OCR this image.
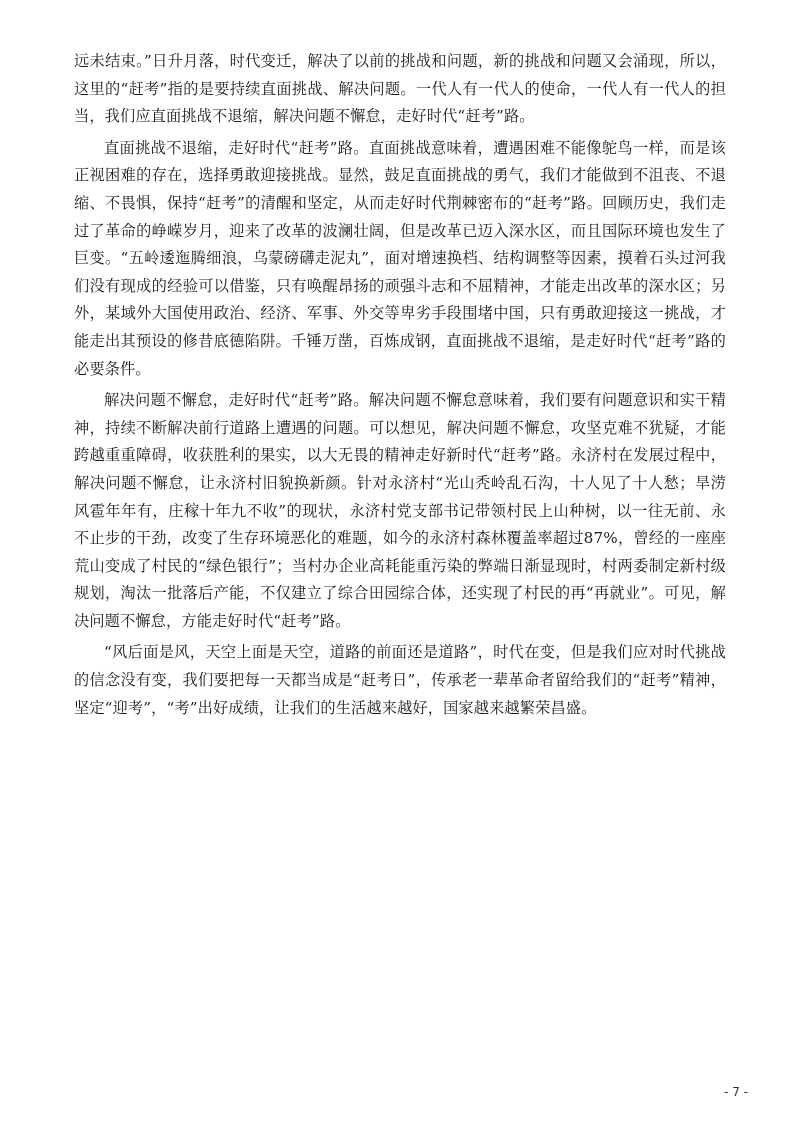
远未结束。”日升月落，时代变迁，解决了以前的挑战和问题，新的挑战和问题又会涌现，所以，这里的“赶考”指的是要持续直面挑战、解决问题。一代人有一代人的使命，一代人有一代人的担当，我们应直面挑战不退缩，解决问题不懈怠，走好时代“赶考”路。

直面挑战不退缩，走好时代“赶考”路。直面挑战意味着，遭遇困难不能像鸵鸟一样，而是该正视困难的存在，选择勇敢迎接挑战。显然，鼓足直面挑战的勇气，我们才能做到不沮丧、不退缩、不畏惧，保持“赶考”的清醒和坚定，从而走好时代荆棘密布的“赶考”路。回顾历史，我们走过了革命的峥嵘岁月，迎来了改革的波澜壮阔，但是改革已迈入深水区，而且国际环境也发生了巨变。“五岭逶迤腾细浪，乌蒙磅礴走泥丸”，面对增速换档、结构调整等因素，摸着石头过河我们没有现成的经验可以借鉴，只有唤醒昂扬的顽强斗志和不屈精神，才能走出改革的深水区；另外，某域外大国使用政治、经济、军事、外交等卑劣手段围堵中国，只有勇敢迎接这一挑战，才能走出其预设的修昔底德陷阱。千锤万凿，百炼成钢，直面挑战不退缩，是走好时代“赶考”路的必要条件。

解决问题不懈怠，走好时代“赶考”路。解决问题不懈怠意味着，我们要有问题意识和实干精神，持续不断解决前行道路上遭遇的问题。可以想见，解决问题不懈怠，攻坚克难不犹疑，才能跨越重重障碍，收获胜利的果实，以大无畏的精神走好新时代“赶考”路。永济村在发展过程中，解决问题不懈怠，让永济村旧貌换新颜。针对永济村“光山秃岭乱石沟，十人见了十人愁；旱涝风雹年年有，庄稼十年九不收”的现状，永济村党支部书记带领村民上山种树，以一往无前、永不止步的干劲，改变了生存环境恶化的难题，如今的永济村森林覆盖率超过87%，曾经的一座座荒山变成了村民的“绿色银行”；当村办企业高耗能重污染的弊端日渐显现时，村两委制定新村级规划，淘汰一批落后产能，不仅建立了综合田园综合体，还实现了村民的再“再就业”。可见，解决问题不懈怠，方能走好时代“赶考”路。

“风后面是风，天空上面是天空，道路的前面还是道路”，时代在变，但是我们应对时代挑战的信念没有变，我们要把每一天都当成是“赶考日”，传承老一辈革命者留给我们的“赶考”精神，坚定“迎考”，“考”出好成绩，让我们的生活越来越好，国家越来越繁荣昌盛。

- 7 -
